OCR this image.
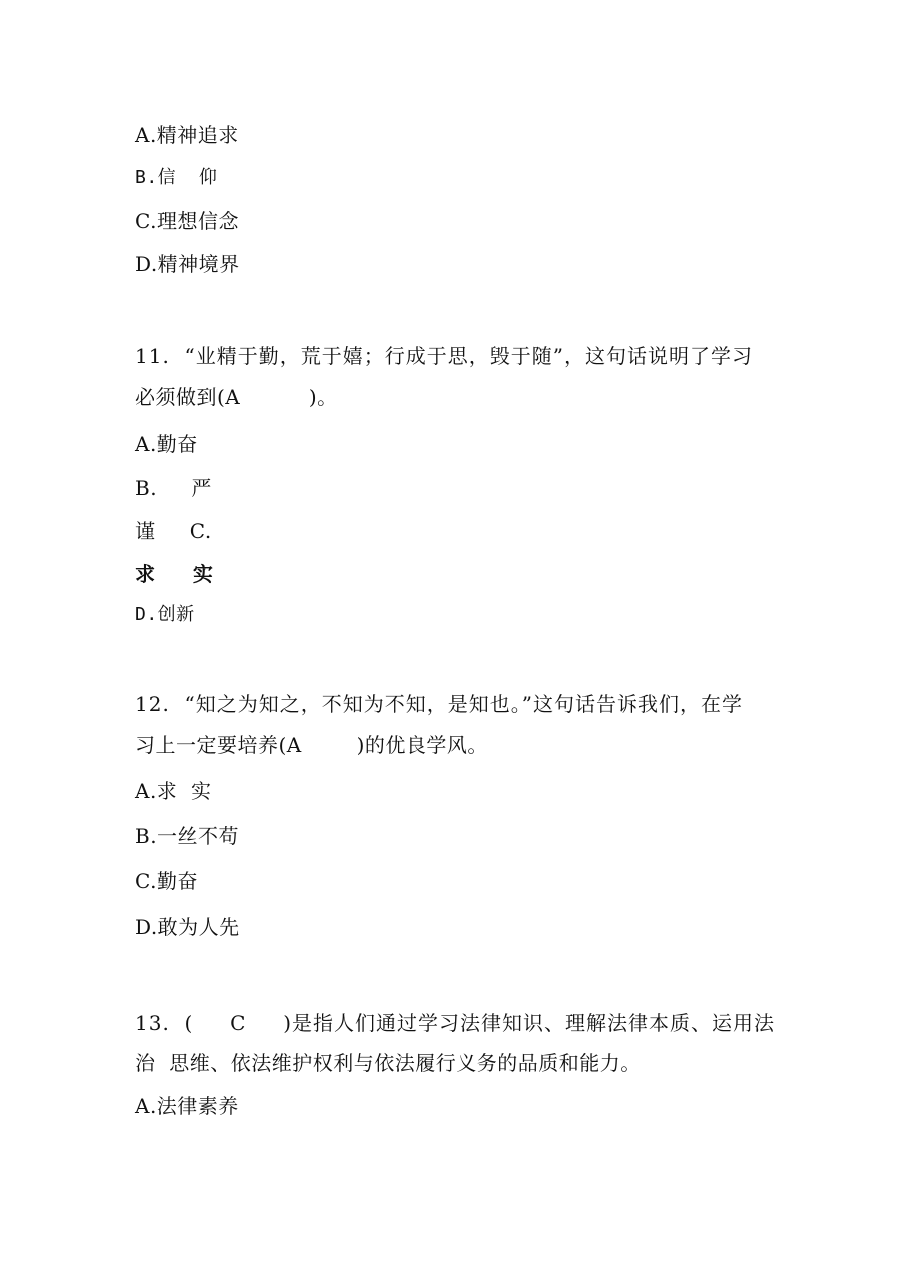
A.精神追求
B.信  仰
C.理想信念
D.精神境界
11.  “业精于勤，荒于嬉；行成于思，毁于随”，这句话说明了学习
必须做到(A          )。
A.勤奋
B.     严
谨     C.
求     实
D.创新
12.  “知之为知之，不知为不知，是知也。”这句话告诉我们，在学
习上一定要培养(A        )的优良学风。
A.求  实
B.一丝不苟
C.勤奋
D.敢为人先
13.  (     C     )是指人们通过学习法律知识、理解法律本质、运用法
治  思维、依法维护权利与依法履行义务的品质和能力。
A.法律素养
